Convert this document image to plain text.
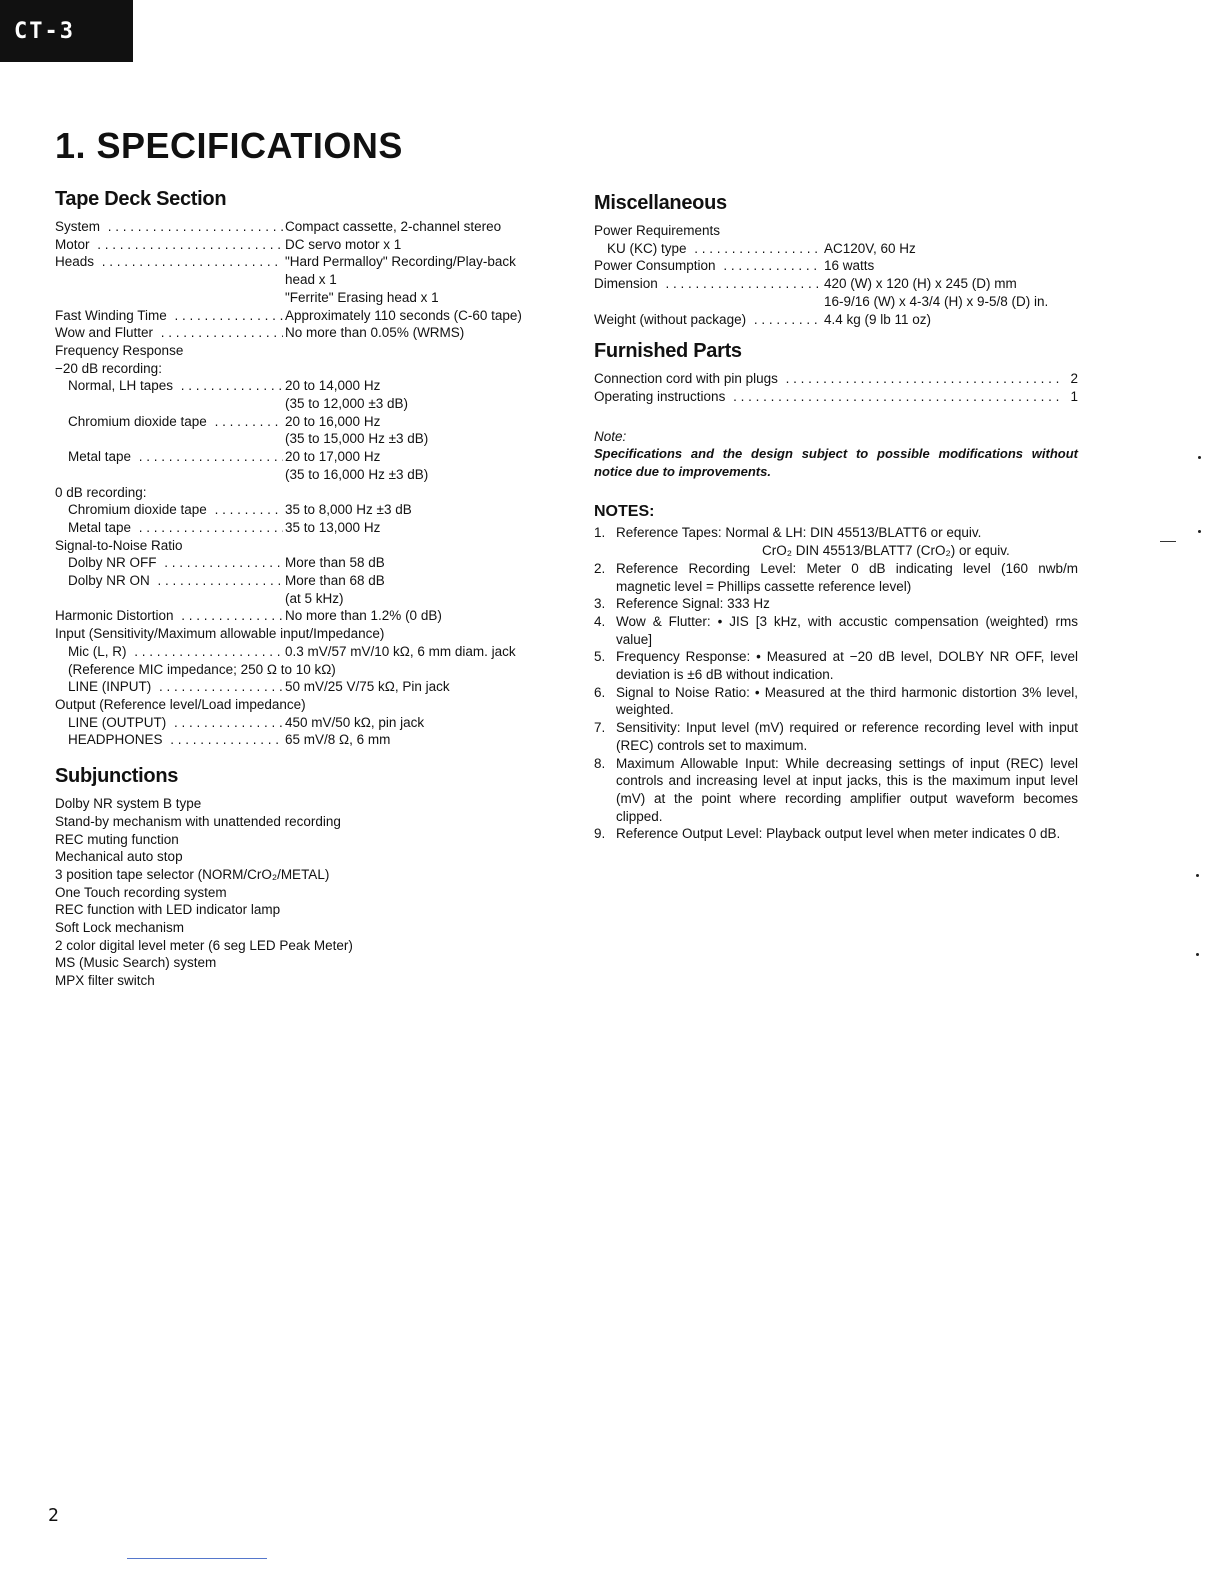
CT-3
1. SPECIFICATIONS
Tape Deck Section
System . . .	Compact cassette, 2-channel stereo
Motor . . .	DC servo motor x 1
Heads . . .	"Hard Permalloy" Recording/Play-back head x 1
"Ferrite" Erasing head x 1
Fast Winding Time . . .	Approximately 110 seconds (C-60 tape)
Wow and Flutter . . .	No more than 0.05% (WRMS)
Frequency Response
−20 dB recording:
Normal, LH tapes . . .	20 to 14,000 Hz
(35 to 12,000 ±3 dB)
Chromium dioxide tape . . .	20 to 16,000 Hz
(35 to 15,000 Hz ±3 dB)
Metal tape . . .	20 to 17,000 Hz
(35 to 16,000 Hz ±3 dB)
0 dB recording:
Chromium dioxide tape . . .	35 to 8,000 Hz ±3 dB
Metal tape . . .	35 to 13,000 Hz
Signal-to-Noise Ratio
Dolby NR OFF . . .	More than 58 dB
Dolby NR ON . . .	More than 68 dB
(at 5 kHz)
Harmonic Distortion . . .	No more than 1.2% (0 dB)
Input (Sensitivity/Maximum allowable input/Impedance)
Mic (L, R) . . .	0.3 mV/57 mV/10 kΩ, 6 mm diam. jack
(Reference MIC impedance; 250 Ω to 10 kΩ)
LINE (INPUT) . . .	50 mV/25 V/75 kΩ, Pin jack
Output (Reference level/Load impedance)
LINE (OUTPUT) . . .	450 mV/50 kΩ, pin jack
HEADPHONES . . .	65 mV/8 Ω, 6 mm
Subjunctions
Dolby NR system B type
Stand-by mechanism with unattended recording
REC muting function
Mechanical auto stop
3 position tape selector (NORM/CrO₂/METAL)
One Touch recording system
REC function with LED indicator lamp
Soft Lock mechanism
2 color digital level meter (6 seg LED Peak Meter)
MS (Music Search) system
MPX filter switch
Miscellaneous
Power Requirements
KU (KC) type . . .	AC120V, 60 Hz
Power Consumption . . .	16 watts
Dimension . . .	420 (W) x 120 (H) x 245 (D) mm
16-9/16 (W) x 4-3/4 (H) x 9-5/8 (D) in.
Weight (without package) . . .	4.4 kg (9 lb 11 oz)
Furnished Parts
Connection cord with pin plugs . . .	2
Operating instructions . . .	1
Note:
Specifications and the design subject to possible modifications without notice due to improvements.
NOTES:
1. Reference Tapes: Normal & LH: DIN 45513/BLATT6 or equiv.
CrO₂ DIN 45513/BLATT7 (CrO₂) or equiv.
2. Reference Recording Level: Meter 0 dB indicating level (160 nwb/m magnetic level = Phillips cassette reference level)
3. Reference Signal: 333 Hz
4. Wow & Flutter: • JIS [3 kHz, with accustic compensation (weighted) rms value]
5. Frequency Response: • Measured at −20 dB level, DOLBY NR OFF, level deviation is ±6 dB without indication.
6. Signal to Noise Ratio: • Measured at the third harmonic distortion 3% level, weighted.
7. Sensitivity: Input level (mV) required or reference recording level with input (REC) controls set to maximum.
8. Maximum Allowable Input: While decreasing settings of input (REC) level controls and increasing level at input jacks, this is the maximum input level (mV) at the point where recording amplifier output waveform becomes clipped.
9. Reference Output Level: Playback output level when meter indicates 0 dB.
2
